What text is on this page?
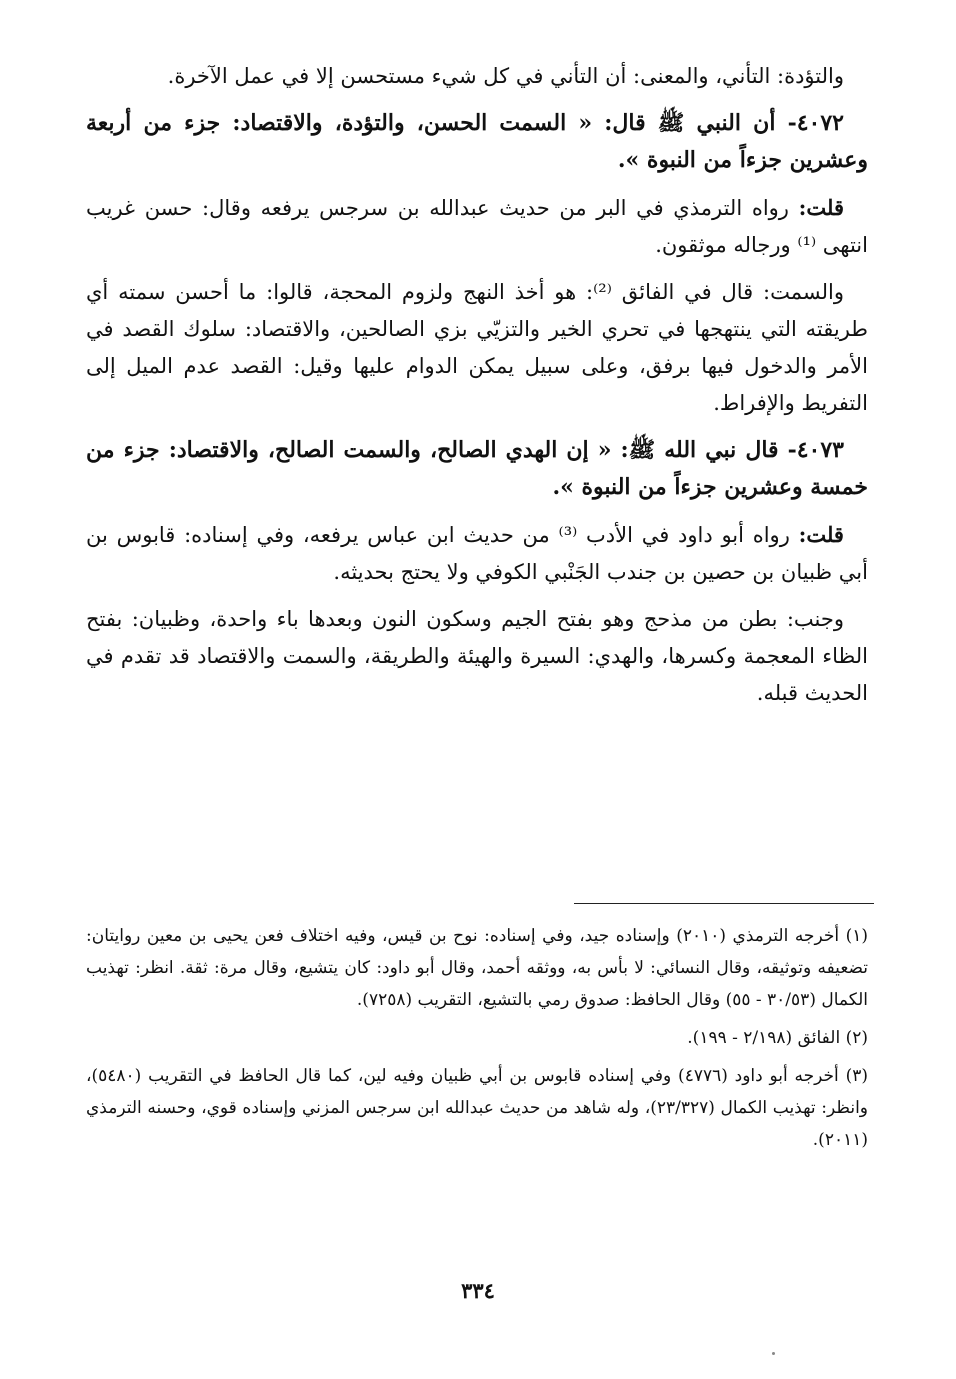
والتؤدة: التأني، والمعنى: أن التأني في كل شيء مستحسن إلا في عمل الآخرة.

٤٠٧٢- أن النبي ﷺ قال: « السمت الحسن، والتؤدة، والاقتصاد: جزء من أربعة وعشرين جزءاً من النبوة ».

قلت: رواه الترمذي في البر من حديث عبدالله بن سرجس يرفعه وقال: حسن غريب انتهى ⁽¹⁾ ورجاله موثقون.

والسمت: قال في الفائق ⁽²⁾: هو أخذ النهج ولزوم المحجة، قالوا: ما أحسن سمته أي طريقته التي ينتهجها في تحري الخير والتزيّي بزي الصالحين، والاقتصاد: سلوك القصد في الأمر والدخول فيها برفق، وعلى سبيل يمكن الدوام عليها وقيل: القصد عدم الميل إلى التفريط والإفراط.

٤٠٧٣- قال نبي الله ﷺ: « إن الهدي الصالح، والسمت الصالح، والاقتصاد: جزء من خمسة وعشرين جزءاً من النبوة ».

قلت: رواه أبو داود في الأدب ⁽³⁾ من حديث ابن عباس يرفعه، وفي إسناده: قابوس بن أبي ظبيان بن حصين بن جندب الجَنْبي الكوفي ولا يحتج بحديثه.

وجنب: بطن من مذحج وهو بفتح الجيم وسكون النون وبعدها باء واحدة، وظبيان: بفتح الظاء المعجمة وكسرها، والهدي: السيرة والهيئة والطريقة، والسمت والاقتصاد قد تقدم في الحديث قبله.

(١) أخرجه الترمذي (٢٠١٠) وإسناده جيد، وفي إسناده: نوح بن قيس، وفيه اختلاف فعن يحيى بن معين روايتان: تضعيفه وتوثيقه، وقال النسائي: لا بأس به، ووثقه أحمد، وقال أبو داود: كان يتشيع، وقال مرة: ثقة. انظر: تهذيب الكمال (٣٠/٥٣ - ٥٥) وقال الحافظ: صدوق رمي بالتشيع، التقريب (٧٢٥٨).

(٢) الفائق (٢/١٩٨ - ١٩٩).

(٣) أخرجه أبو داود (٤٧٧٦) وفي إسناده قابوس بن أبي ظبيان وفيه لين، كما قال الحافظ في التقريب (٥٤٨٠)، وانظر: تهذيب الكمال (٢٣/٣٢٧)، وله شاهد من حديث عبدالله ابن سرجس المزني وإسناده قوي، وحسنه الترمذي (٢٠١١).

٣٣٤
